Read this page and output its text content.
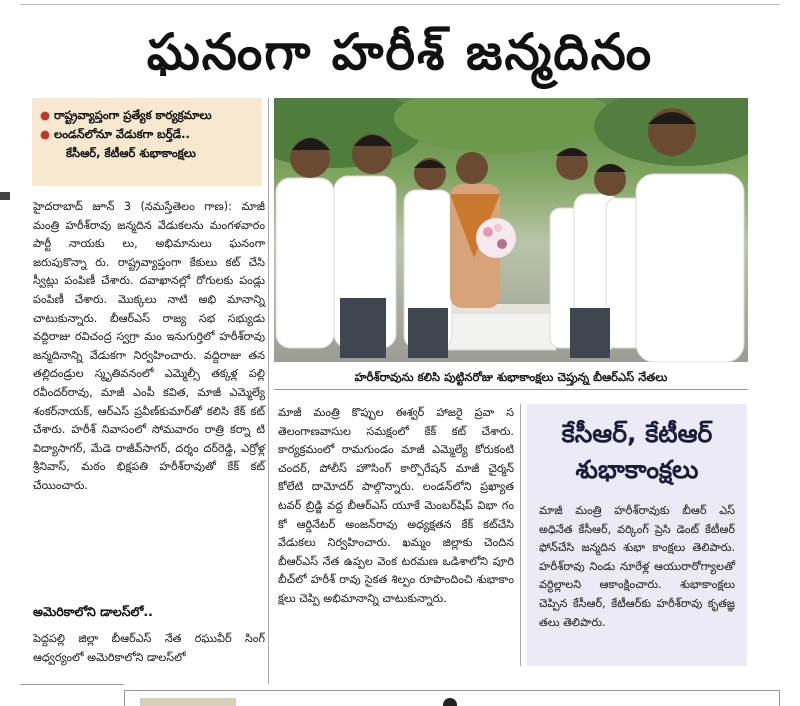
ఘనంగా హరీశ్ జన్మదినం
● రాష్ట్రవ్యాప్తంగా ప్రత్యేక కార్యక్రమాలు
● లండన్‌లోనూ వేడుకగా బర్త్‌డే..
కేసీఆర్, కేటీఆర్ శుభాకాంక్షలు
హైదరాబాద్ జూన్ 3 (నమస్తేతెలం గాణ): మాజీ మంత్రి హరీశ్‌రావు జన్మదిన వేడుకలను మంగళవారం పార్టీ నాయకు లు, అభిమానులు ఘనంగా జరుపుకొన్నా రు. రాష్ట్రవ్యాప్తంగా కేకులు కట్ చేసి స్వీట్లు పంపిణీ చేశారు. దవాఖానల్లో రోగులకు పండ్లు పంపిణీ చేశారు. మొక్కలు నాటి అభి మానాన్ని చాటుకున్నారు. బీఆర్ఎస్ రాజ్య సభ సభ్యుడు వద్దిరాజు రవిచంద్ర స్వగ్రా మం ఇనుగుర్తిలో హరీశ్‌రావు జన్మదినాన్ని వేడుకగా నిర్వహించారు. వద్దిరాజు తన తల్లిదండ్రుల స్మృతివనంలో ఎమ్మెల్సీ తక్కళ్ల పల్లి రవీందర్‌రావు, మాజీ ఎంపీ కవిత, మాజీ ఎమ్మెల్యే శంకర్‌నాయక్, ఆర్ఎస్ ప్రవీణ్‌కుమార్‌తో కలిసి కేక్ కట్ చేశారు. హరీశ్ నివాసంలో సోమవారం రాత్రి కర్నా టి విద్యాసాగర్, మేడె రాజీవ్‌సాగర్, దర్శం దర్‌రెడ్డి, ఎర్రోళ్ల శ్రీనివాస్, మఠం భిక్షపతి హరీశ్‌రావుతో కేక్ కట్ చేయించారు.
అమెరికాలోని డాలస్‌లో..
పెద్దపల్లి జిల్లా బీఆర్ఎస్ నేత రఘువీర్ సింగ్ ఆధ్వర్యంలో అమెరికాలోని డాలస్‌లో
హరీశ్‌రావును కలిసి పుట్టినరోజు శుభాకాంక్షలు చెప్తున్న బీఆర్ఎస్ నేతలు
మాజీ మంత్రి కొప్పుల ఈశ్వర్ హాజరై ప్రవా స తెలంగాణవాసుల సమక్షంలో కేక్ కట్ చేశారు. కార్యక్రమంలో రామగుండం మాజీ ఎమ్మెల్యే కోరుకంటి చందర్, పోలీస్ హౌసింగ్ కార్పొరేషన్ మాజీ చైర్మన్ కోలేటి దామోదర్ పాల్గొన్నారు. లండన్‌లోని ప్రఖ్యాత టవర్ బ్రిడ్జి వద్ద బీఆర్ఎస్ యూకే మెంబర్‌షిప్ విభా గం కో ఆర్డినేటర్ అంజన్‌రావు అధ్యక్షతన కేక్ కట్‌చేసి వేడుకలు నిర్వహించారు. ఖమ్మం జిల్లాకు చెందిన బీఆర్ఎస్ నేత ఉప్పల వెంక టరమణ ఒడిశాలోని పూరి బీచ్‌లో హరీశ్ రావు సైకత శిల్పం రూపొందించి శుభాకాం క్షలు చెప్పి అభిమానాన్ని చాటుకున్నారు.
కేసీఆర్, కేటీఆర్
శుభాకాంక్షలు

మాజీ మంత్రి హరీశ్‌రావుకు బీఆర్ ఎస్ అధినేత కేసీఆర్, వర్కింగ్ ప్రెసి డెంట్ కేటీఆర్ ఫోన్‌చేసి జన్మదిన శుభా కాంక్షలు తెలిపారు. హరీశ్‌రావు నిండు నూరేళ్ల ఆయురారోగ్యాలతో వర్ధిల్లాలని ఆకాంక్షించారు. శుభాకాంక్షలు చెప్పిన కేసీఆర్, కేటీఆర్‌కు హరీశ్‌రావు కృతజ్ఞ తలు తెలిపారు.
